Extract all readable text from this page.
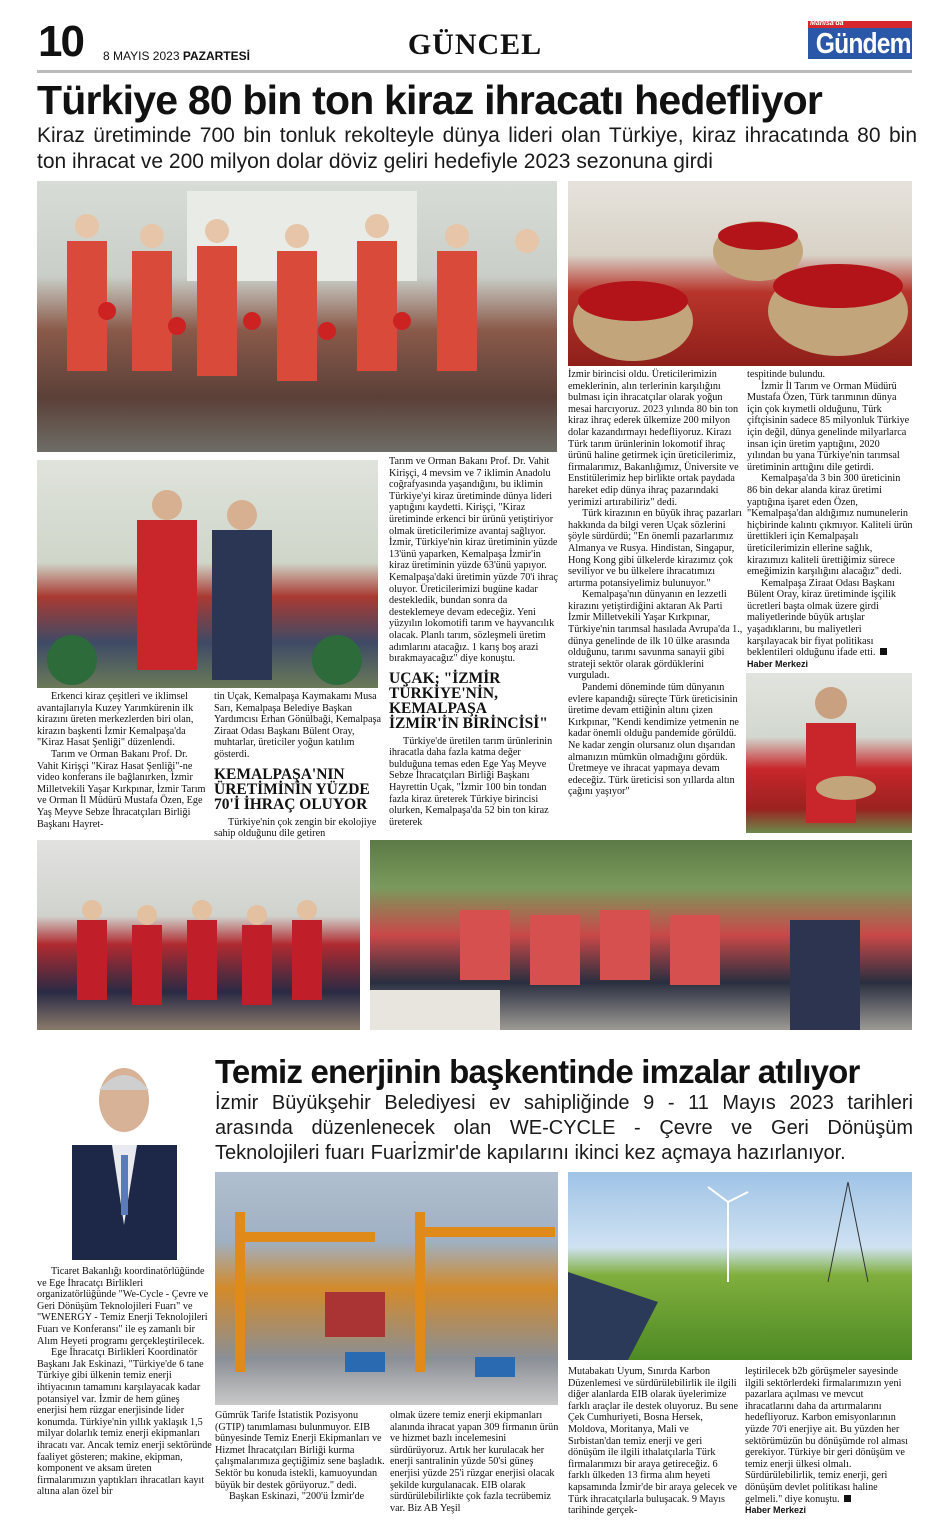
10 8 MAYIS 2023 PAZARTESİ	GÜNCEL
Manisa'da
Gündem
Türkiye 80 bin ton kiraz ihracatı hedefliyor
Kiraz üretiminde 700 bin tonluk rekolteyle dünya lideri olan Türkiye, kiraz ihracatında 80 bin ton ihracat ve 200 milyon dolar döviz geliri hedefiyle 2023 sezonuna girdi

Erkenci kiraz çeşitleri ve iklimsel avantajlarıyla Kuzey Yarımkürenin ilk kirazını üreten merkezlerden biri olan, kirazın başkenti İzmir Kemalpaşa'da "Kiraz Hasat Şenliği" düzenlendi.

Tarım ve Orman Bakanı Prof. Dr. Vahit Kirişçi "Kiraz Hasat Şenliği"-ne video konferans ile bağlanırken, İzmir Milletvekili Yaşar Kırkpınar, İzmir Tarım ve Orman İl Müdürü Mustafa Özen, Ege Yaş Meyve Sebze İhracatçıları Birliği Başkanı Hayret-

tin Uçak, Kemalpaşa Kaymakamı Musa Sarı, Kemalpaşa Belediye Başkan Yardımcısı Erhan Gönülbaği, Kemalpaşa Ziraat Odası Başkanı Bülent Oray, muhtarlar, üreticiler yoğun katılım gösterdi.

KEMALPAŞA'NIN ÜRETİMİNİN YÜZDE 70'İ İHRAÇ OLUYOR

Türkiye'nin çok zengin bir ekolojiye sahip olduğunu dile getiren

Tarım ve Orman Bakanı Prof. Dr. Vahit Kirişçi, 4 mevsim ve 7 iklimin Anadolu coğrafyasında yaşandığını, bu iklimin Türkiye'yi kiraz üretiminde dünya lideri yaptığını kaydetti. Kirişçi, "Kiraz üretiminde erkenci bir ürünü yetiştiriyor olmak üreticilerimize avantaj sağlıyor. İzmir, Türkiye'nin kiraz üretiminin yüzde 13'ünü yaparken, Kemalpaşa İzmir'in kiraz üretiminin yüzde 63'ünü yapıyor. Kemalpaşa'daki üretimin yüzde 70'i ihraç oluyor. Üreticilerimizi bugüne kadar destekledik, bundan sonra da desteklemeye devam edeceğiz. Yeni yüzyılın lokomotifi tarım ve hayvancılık olacak. Planlı tarım, sözleşmeli üretim adımlarını atacağız. 1 karış boş arazi bırakmayacağız" diye konuştu.

UÇAK; "İZMİR TÜRKİYE'NİN, KEMALPAŞA İZMİR'İN BİRİNCİSİ"

Türkiye'de üretilen tarım ürünlerinin ihracatla daha fazla katma değer bulduğuna temas eden Ege Yaş Meyve Sebze İhracatçıları Birliği Başkanı Hayrettin Uçak, "İzmir 100 bin tondan fazla kiraz üreterek Türkiye birincisi olurken, Kemalpaşa'da 52 bin ton kiraz üreterek

İzmir birincisi oldu. Üreticilerimizin emeklerinin, alın terlerinin karşılığını bulması için ihracatçılar olarak yoğun mesai harcıyoruz. 2023 yılında 80 bin ton kiraz ihraç ederek ülkemize 200 milyon dolar kazandırmayı hedefliyoruz. Kirazı Türk tarım ürünlerinin lokomotif ihraç ürünü haline getirmek için üreticilerimiz, firmalarımız, Bakanlığımız, Üniversite ve Enstitülerimiz hep birlikte ortak paydada hareket edip dünya ihraç pazarındaki yerimizi artırabiliriz" dedi.

Türk kirazının en büyük ihraç pazarları hakkında da bilgi veren Uçak sözlerini şöyle sürdürdü; "En önemli pazarlarımız Almanya ve Rusya. Hindistan, Singapur, Hong Kong gibi ülkelerde kirazımız çok seviliyor ve bu ülkelere ihracatımızı artırma potansiyelimiz bulunuyor."

Kemalpaşa'nın dünyanın en lezzetli kirazını yetiştirdiğini aktaran Ak Parti İzmir Milletvekili Yaşar Kırkpınar, Türkiye'nin tarımsal hasılada Avrupa'da 1., dünya genelinde de ilk 10 ülke arasında olduğunu, tarımı savunma sanayii gibi strateji sektör olarak gördüklerini vurguladı.

Pandemi döneminde tüm dünyanın evlere kapandığı süreçte Türk üreticisinin üretime devam ettiğinin altını çizen Kırkpınar, "Kendi kendimize yetmenin ne kadar önemli olduğu pandemide görüldü. Ne kadar zengin olursanız olun dışarıdan almanızın mümkün olmadığını gördük. Üretmeye ve ihracat yapmaya devam edeceğiz. Türk üreticisi son yıllarda altın çağını yaşıyor"

tespitinde bulundu.

İzmir İl Tarım ve Orman Müdürü Mustafa Özen, Türk tarımının dünya için çok kıymetli olduğunu, Türk çiftçisinin sadece 85 milyonluk Türkiye için değil, dünya genelinde milyarlarca insan için üretim yaptığını, 2020 yılından bu yana Türkiye'nin tarımsal üretiminin arttığını dile getirdi.

Kemalpaşa'da 3 bin 300 üreticinin 86 bin dekar alanda kiraz üretimi yaptığına işaret eden Özen, "Kemalpaşa'dan aldığımız numunelerin hiçbirinde kalıntı çıkmıyor. Kaliteli ürün ürettikleri için Kemalpaşalı üreticilerimizin ellerine sağlık, kirazımızı kaliteli ürettiğimiz sürece emeğimizin karşılığını alacağız" dedi.

Kemalpaşa Ziraat Odası Başkanı Bülent Oray, kiraz üretiminde işçilik ücretleri başta olmak üzere girdi maliyetlerinde büyük artışlar yaşadıklarını, bu maliyetleri karşılayacak bir fiyat politikası beklentileri olduğunu ifade etti. Haber Merkezi

Temiz enerjinin başkentinde imzalar atılıyor
İzmir Büyükşehir Belediyesi ev sahipliğinde 9 - 11 Mayıs 2023 tarihleri arasında düzenlenecek olan WE-CYCLE - Çevre ve Geri Dönüşüm Teknolojileri fuarı Fuarİzmir'de kapılarını ikinci kez açmaya hazırlanıyor.

Ticaret Bakanlığı koordinatörlüğünde ve Ege İhracatçı Birlikleri organizatörlüğünde "We-Cycle - Çevre ve Geri Dönüşüm Teknolojileri Fuarı" ve "WENERGY - Temiz Enerji Teknolojileri Fuarı ve Konferansı" ile eş zamanlı bir Alım Heyeti programı gerçekleştirilecek.

Ege İhracatçı Birlikleri Koordinatör Başkanı Jak Eskinazi, "Türkiye'de 6 tane Türkiye gibi ülkenin temiz enerji ihtiyacının tamamını karşılayacak kadar potansiyel var. İzmir de hem güneş enerjisi hem rüzgar enerjisinde lider konumda. Türkiye'nin yıllık yaklaşık 1,5 milyar dolarlık temiz enerji ekipmanları ihracatı var. Ancak temiz enerji sektöründe faaliyet gösteren; makine, ekipman, komponent ve aksam üreten firmalarımızın yaptıkları ihracatları kayıt altına alan özel bir

Gümrük Tarife İstatistik Pozisyonu (GTIP) tanımlaması bulunmuyor. EIB bünyesinde Temiz Enerji Ekipmanları ve Hizmet İhracatçıları Birliği kurma çalışmalarımıza geçtiğimiz sene başladık. Sektör bu konuda istekli, kamuoyundan büyük bir destek görüyoruz." dedi.

Başkan Eskinazi, "200'ü İzmir'de

olmak üzere temiz enerji ekipmanları alanında ihracat yapan 309 firmanın ürün ve hizmet bazlı incelemesini sürdürüyoruz. Artık her kurulacak her enerji santralinin yüzde 50'si güneş enerjisi yüzde 25'i rüzgar enerjisi olacak şekilde kurgulanacak. EIB olarak sürdürülebilirlikte çok fazla tecrübemiz var. Biz AB Yeşil

Mutabakatı Uyum, Sınırda Karbon Düzenlemesi ve sürdürülebilirlik ile ilgili diğer alanlarda EIB olarak üyelerimize farklı araçlar ile destek oluyoruz. Bu sene Çek Cumhuriyeti, Bosna Hersek, Moldova, Moritanya, Mali ve Sırbistan'dan temiz enerji ve geri dönüşüm ile ilgili ithalatçılarla Türk firmalarımızı bir araya getireceğiz. 6 farklı ülkeden 13 firma alım heyeti kapsamında İzmir'de bir araya gelecek ve Türk ihracatçılarla buluşacak. 9 Mayıs tarihinde gerçek-

leştirilecek b2b görüşmeler sayesinde ilgili sektörlerdeki firmalarımızın yeni pazarlara açılması ve mevcut ihracatlarını daha da artırmalarını hedefliyoruz. Karbon emisyonlarının yüzde 70'i enerjiye ait. Bu yüzden her sektörümüzün bu dönüşümde rol alması gerekiyor. Türkiye bir geri dönüşüm ve temiz enerji ülkesi olmalı. Sürdürülebilirlik, temiz enerji, geri dönüşüm devlet politikası haline gelmeli." diye konuştu.
Haber Merkezi
